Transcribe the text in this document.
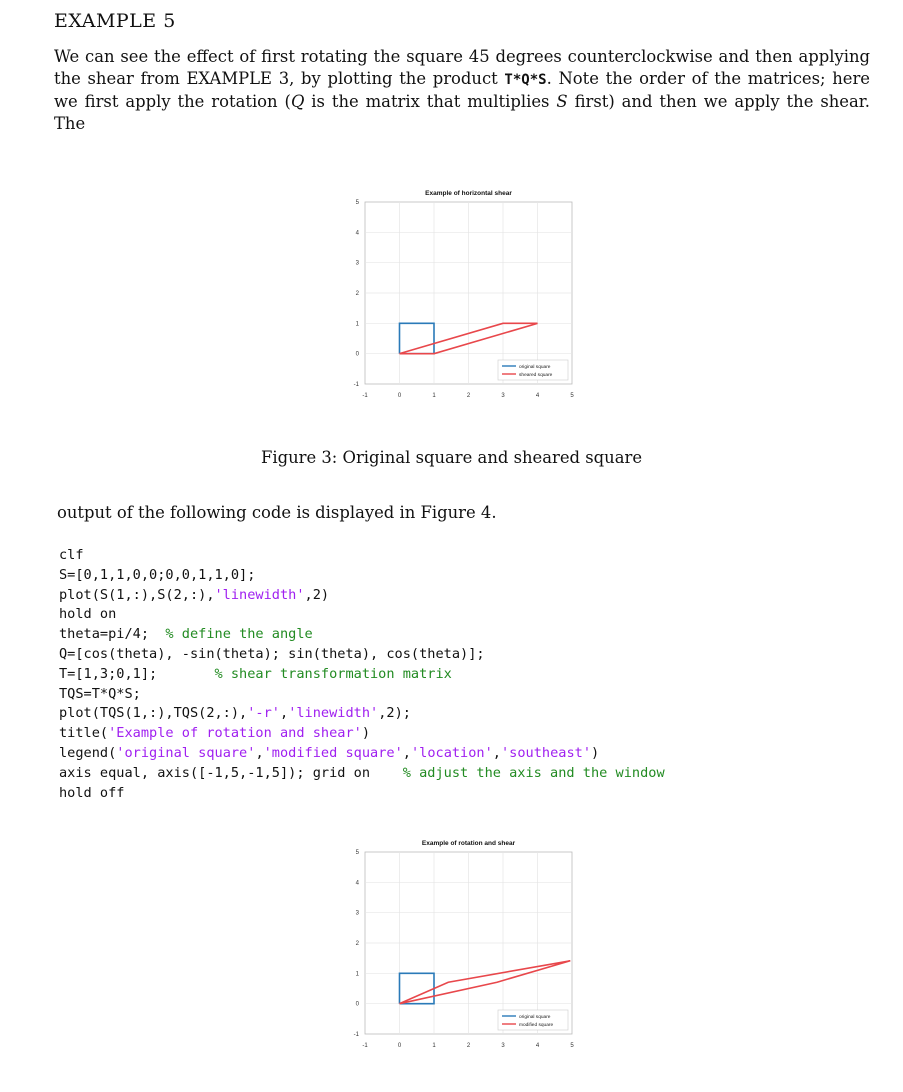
EXAMPLE 5
We can see the effect of first rotating the square 45 degrees counterclockwise and then applying the shear from EXAMPLE 3, by plotting the product T*Q*S. Note the order of the matrices; here we first apply the rotation (Q is the matrix that multiplies S first) and then we apply the shear. The
-1	0	1	2	3	4	5
-1
0
1
2
3
4
5
Example of horizontal shear
original square
sheared square
Figure 3: Original square and sheared square
output of the following code is displayed in Figure 4.
clf
S=[0,1,1,0,0;0,0,1,1,0];
plot(S(1,:),S(2,:),'linewidth',2)
hold on
theta=pi/4;  % define the angle
Q=[cos(theta), -sin(theta); sin(theta), cos(theta)];
T=[1,3;0,1];       % shear transformation matrix
TQS=T*Q*S;
plot(TQS(1,:),TQS(2,:),'-r','linewidth',2);
title('Example of rotation and shear')
legend('original square','modified square','location','southeast')
axis equal, axis([-1,5,-1,5]); grid on    % adjust the axis and the window
hold off
-1	0	1	2	3	4	5
-1
0
1
2
3
4
5
Example of rotation and shear
original square
modified square
